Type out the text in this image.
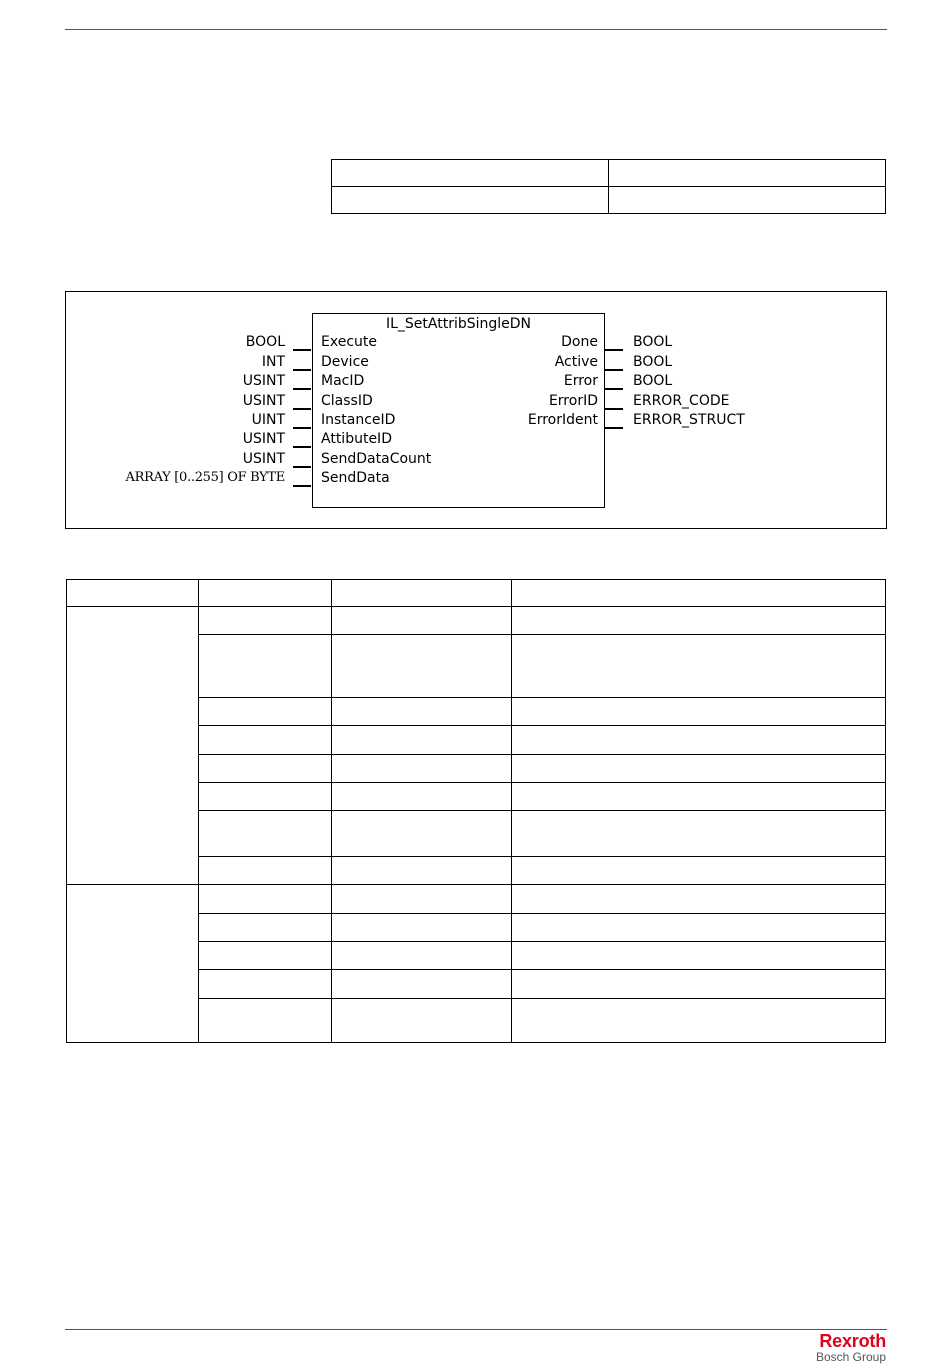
IL_SetAttribSingleDN
BOOL	Execute
INT	Device
USINT	MacID
USINT	ClassID
UINT	InstanceID
USINT	AttibuteID
USINT	SendDataCount
ARRAY [0..255] OF BYTE	SendData
Done	BOOL
Active	BOOL
Error	BOOL
ErrorID	ERROR_CODE
ErrorIdent	ERROR_STRUCT

Rexroth
Bosch Group
